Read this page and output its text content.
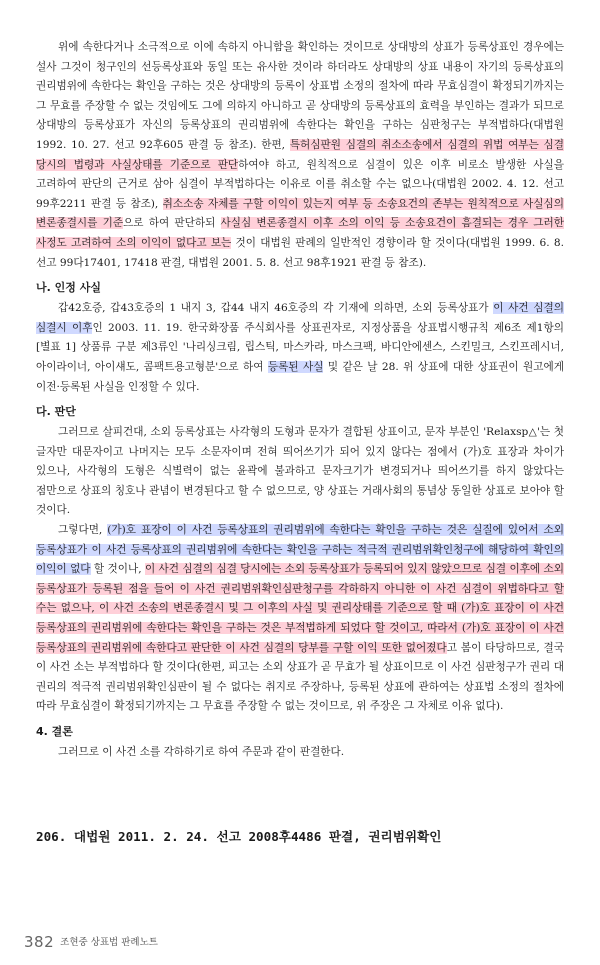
위에 속한다거나 소극적으로 이에 속하지 아니함을 확인하는 것이므로 상대방의 상표가 등록상표인 경우에는 설사 그것이 청구인의 선등록상표와 동일 또는 유사한 것이라 하더라도 상대방의 상표 내용이 자기의 등록상표의 권리범위에 속한다는 확인을 구하는 것은 상대방의 등록이 상표법 소정의 절차에 따라 무효심결이 확정되기까지는 그 무효를 주장할 수 없는 것임에도 그에 의하지 아니하고 곧 상대방의 등록상표의 효력을 부인하는 결과가 되므로 상대방의 등록상표가 자신의 등록상표의 권리범위에 속한다는 확인을 구하는 심판청구는 부적법하다(대법원 1992. 10. 27. 선고 92후605 판결 등 참조). 한편, 특허심판원 심결의 취소소송에서 심결의 위법 여부는 심결 당시의 법령과 사실상태를 기준으로 판단하여야 하고, 원칙적으로 심결이 있은 이후 비로소 발생한 사실을 고려하여 판단의 근거로 삼아 심결이 부적법하다는 이유로 이를 취소할 수는 없으나(대법원 2002. 4. 12. 선고 99후2211 판결 등 참조), 취소소송 자체를 구할 이익이 있는지 여부 등 소송요건의 존부는 원칙적으로 사실심의 변론종결시를 기준으로 하여 판단하되 사실심 변론종결시 이후 소의 이익 등 소송요건이 흠결되는 경우 그러한 사정도 고려하여 소의 이익이 없다고 보는 것이 대법원 판례의 일반적인 경향이라 할 것이다(대법원 1999. 6. 8. 선고 99다17401, 17418 판결, 대법원 2001. 5. 8. 선고 98후1921 판결 등 참조).

나. 인정 사실

갑42호증, 갑43호증의 1 내지 3, 갑44 내지 46호증의 각 기재에 의하면, 소외 등록상표가 이 사건 심결의 심결시 이후인 2003. 11. 19. 한국화장품 주식회사를 상표권자로, 지정상품을 상표법시행규칙 제6조 제1항의 [별표 1] 상품류 구분 제3류인 '나리싱크림, 립스틱, 마스카라, 마스크팩, 바디안에센스, 스킨밀크, 스킨프레시너, 아이라이너, 아이섀도, 콤팩트용고형분'으로 하여 등록된 사실 및 같은 날 28. 위 상표에 대한 상표권이 원고에게 이전·등록된 사실을 인정할 수 있다.

다. 판단

그러므로 살피건대, 소외 등록상표는 사각형의 도형과 문자가 결합된 상표이고, 문자 부분인 'Relaxsp△'는 첫 글자만 대문자이고 나머지는 모두 소문자이며 전혀 띄어쓰기가 되어 있지 않다는 점에서 (가)호 표장과 차이가 있으나, 사각형의 도형은 식별력이 없는 윤곽에 불과하고 문자크기가 변경되거나 띄어쓰기를 하지 않았다는 점만으로 상표의 칭호나 관념이 변경된다고 할 수 없으므로, 양 상표는 거래사회의 통념상 동일한 상표로 보아야 할 것이다.

그렇다면, (가)호 표장이 이 사건 등록상표의 권리범위에 속한다는 확인을 구하는 것은 실질에 있어서 소외 등록상표가 이 사건 등록상표의 권리범위에 속한다는 확인을 구하는 적극적 권리범위확인청구에 해당하여 확인의 이익이 없다 할 것이나, 이 사건 심결의 심결 당시에는 소외 등록상표가 등록되어 있지 않았으므로 심결 이후에 소외 등록상표가 등록된 점을 들어 이 사건 권리범위확인심판청구를 각하하지 아니한 이 사건 심결이 위법하다고 할 수는 없으나, 이 사건 소송의 변론종결시 및 그 이후의 사실 및 권리상태를 기준으로 할 때 (가)호 표장이 이 사건 등록상표의 권리범위에 속한다는 확인을 구하는 것은 부적법하게 되었다 할 것이고, 따라서 (가)호 표장이 이 사건 등록상표의 권리범위에 속한다고 판단한 이 사건 심결의 당부를 구할 이익 또한 없어졌다고 봄이 타당하므로, 결국 이 사건 소는 부적법하다 할 것이다(한편, 피고는 소외 상표가 곧 무효가 될 상표이므로 이 사건 심판청구가 권리 대 권리의 적극적 권리범위확인심판이 될 수 없다는 취지로 주장하나, 등록된 상표에 관하여는 상표법 소정의 절차에 따라 무효심결이 확정되기까지는 그 무효를 주장할 수 없는 것이므로, 위 주장은 그 자체로 이유 없다).

4. 결론

그러므로 이 사건 소를 각하하기로 하여 주문과 같이 판결한다.

206. 대법원 2011. 2. 24. 선고 2008후4486 판결, 권리범위확인
382 조현중 상표법 판례노트
